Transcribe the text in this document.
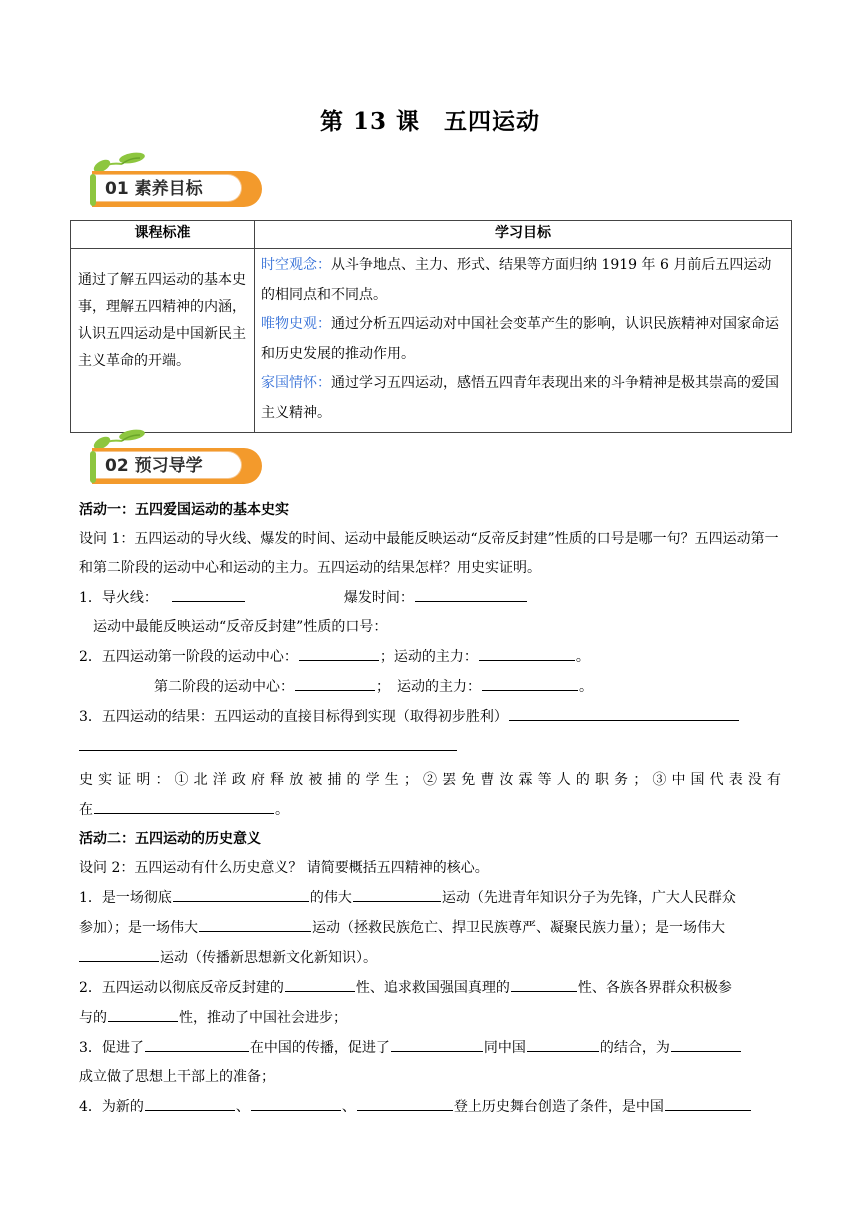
第 13 课　五四运动
01 素养目标
课程标准	学习目标
通过了解五四运动的基本史事，理解五四精神的内涵，认识五四运动是中国新民主主义革命的开端。	时空观念：从斗争地点、主力、形式、结果等方面归纳 1919 年 6 月前后五四运动的相同点和不同点。
唯物史观：通过分析五四运动对中国社会变革产生的影响，认识民族精神对国家命运和历史发展的推动作用。
家国情怀：通过学习五四运动，感悟五四青年表现出来的斗争精神是极其崇高的爱国主义精神。
02 预习导学

活动一：五四爱国运动的基本史实

设问 1：五四运动的导火线、爆发的时间、运动中最能反映运动“反帝反封建”性质的口号是哪一句？五四运动第一和第二阶段的运动中心和运动的主力。五四运动的结果怎样？用史实证明。

1．导火线：	爆发时间：

运动中最能反映运动“反帝反封建”性质的口号：

2．五四运动第一阶段的运动中心：	；运动的主力：	。

第二阶段的运动中心：	；　运动的主力：	。

3．五四运动的结果：五四运动的直接目标得到实现（取得初步胜利）

史实证明：①北洋政府释放被捕的学生；②罢免曹汝霖等人的职务；③中国代表没有

在	。

活动二：五四运动的历史意义

设问 2：五四运动有什么历史意义？ 请简要概括五四精神的核心。

1．是一场彻底	的伟大	运动（先进青年知识分子为先锋，广大人民群众

参加）；是一场伟大	运动（拯救民族危亡、捍卫民族尊严、凝聚民族力量）；是一场伟大

运动（传播新思想新文化新知识）。

2．五四运动以彻底反帝反封建的	性、追求救国强国真理的	性、各族各界群众积极参

与的	性，推动了中国社会进步；

3．促进了	在中国的传播，促进了	同中国	的结合，为

成立做了思想上干部上的准备；

4．为新的	、	、	登上历史舞台创造了条件，是中国
